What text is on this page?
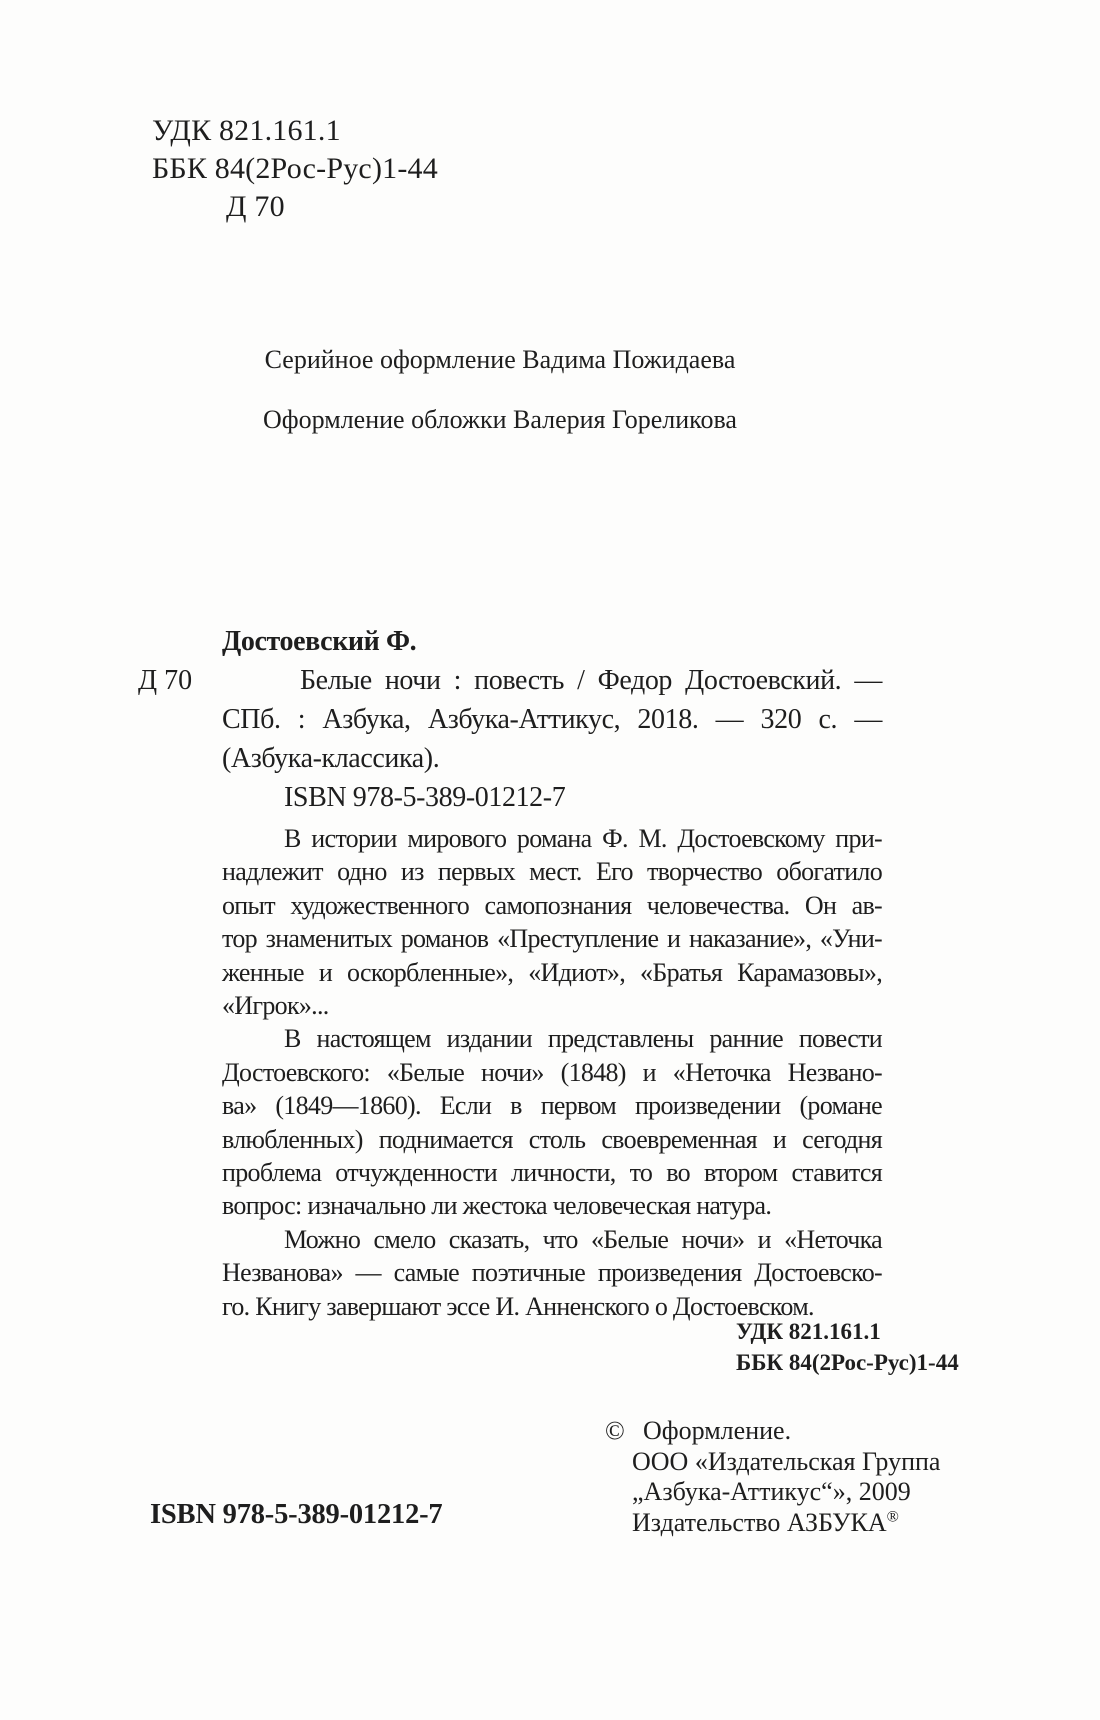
УДК 821.161.1
ББК 84(2Рос-Рус)1-44
Д 70
Серийное оформление Вадима Пожидаева
Оформление обложки Валерия Гореликова
Достоевский Ф.
Белые ночи : повесть / Федор Достоевский. —
СПб. : Азбука, Азбука-Аттикус, 2018. — 320 с. —
(Азбука-классика).
ISBN 978-5-389-01212-7
Д 70
В истории мирового романа Ф. М. Достоевскому при-
надлежит одно из первых мест. Его творчество обогатило
опыт художественного самопознания человечества. Он ав-
тор знаменитых романов «Преступление и наказание», «Уни-
женные и оскорбленные», «Идиот», «Братья Карамазовы»,
«Игрок»...
В настоящем издании представлены ранние повести
Достоевского: «Белые ночи» (1848) и «Неточка Незвано-
ва» (1849—1860). Если в первом произведении (романе
влюбленных) поднимается столь своевременная и сегодня
проблема отчужденности личности, то во втором ставится
вопрос: изначально ли жестока человеческая натура.
Можно смело сказать, что «Белые ночи» и «Неточка
Незванова» — самые поэтичные произведения Достоевско-
го. Книгу завершают эссе И. Анненского о Достоевском.
УДК 821.161.1
ББК 84(2Рос-Рус)1-44
© Оформление.
ООО «Издательская Группа
„Азбука-Аттикус“», 2009
Издательство АЗБУКА®
ISBN 978-5-389-01212-7
